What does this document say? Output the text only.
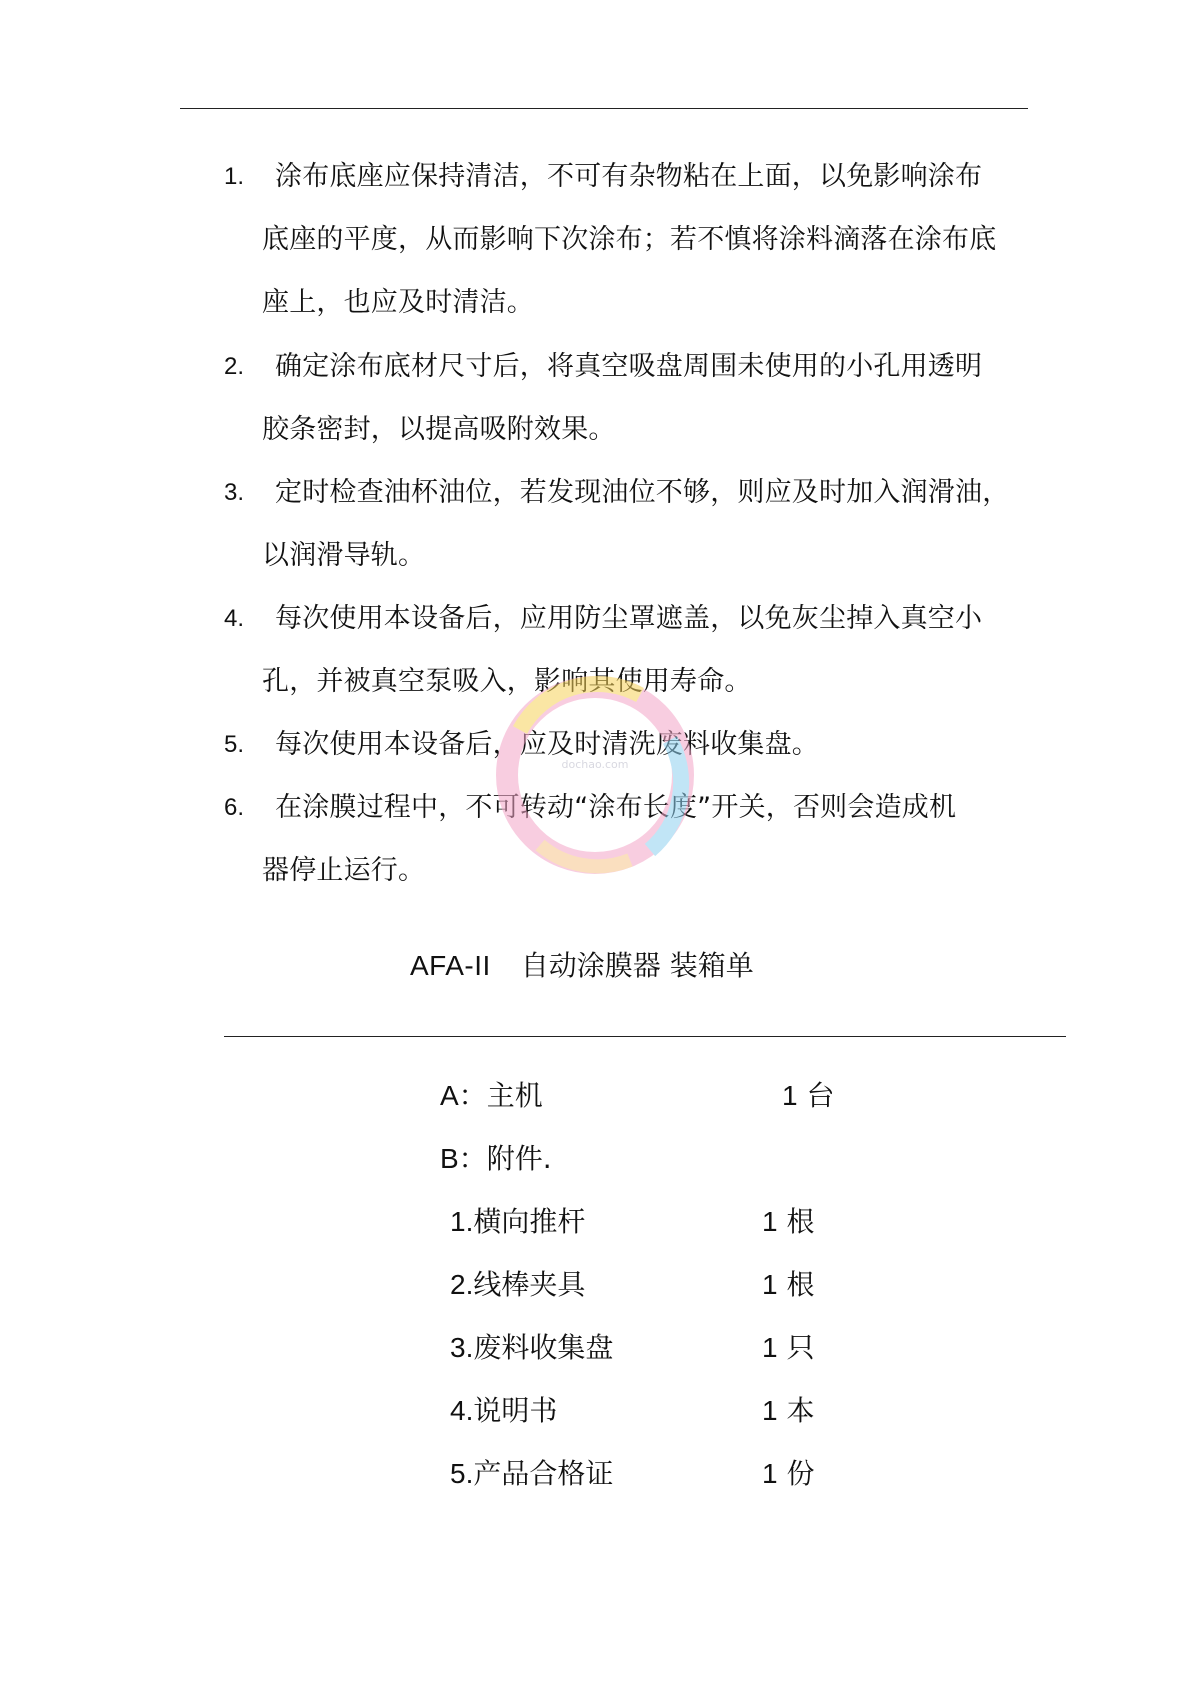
1. 涂布底座应保持清洁，不可有杂物粘在上面，以免影响涂布
底座的平度，从而影响下次涂布；若不慎将涂料滴落在涂布底
座上，也应及时清洁。
2. 确定涂布底材尺寸后，将真空吸盘周围未使用的小孔用透明
胶条密封，以提高吸附效果。
3. 定时检查油杯油位，若发现油位不够，则应及时加入润滑油，
以润滑导轨。
4. 每次使用本设备后，应用防尘罩遮盖，以免灰尘掉入真空小
孔，并被真空泵吸入，影响其使用寿命。
5. 每次使用本设备后，应及时清洗废料收集盘。
6. 在涂膜过程中，不可转动“涂布长度”开关，否则会造成机
器停止运行。
dochao.com
AFA-II 自动涂膜器 装箱单
A：主机	1 台
B：附件.
1.横向推杆	1 根
2.线棒夹具	1 根
3.废料收集盘	1 只
4.说明书	1 本
5.产品合格证	1 份
